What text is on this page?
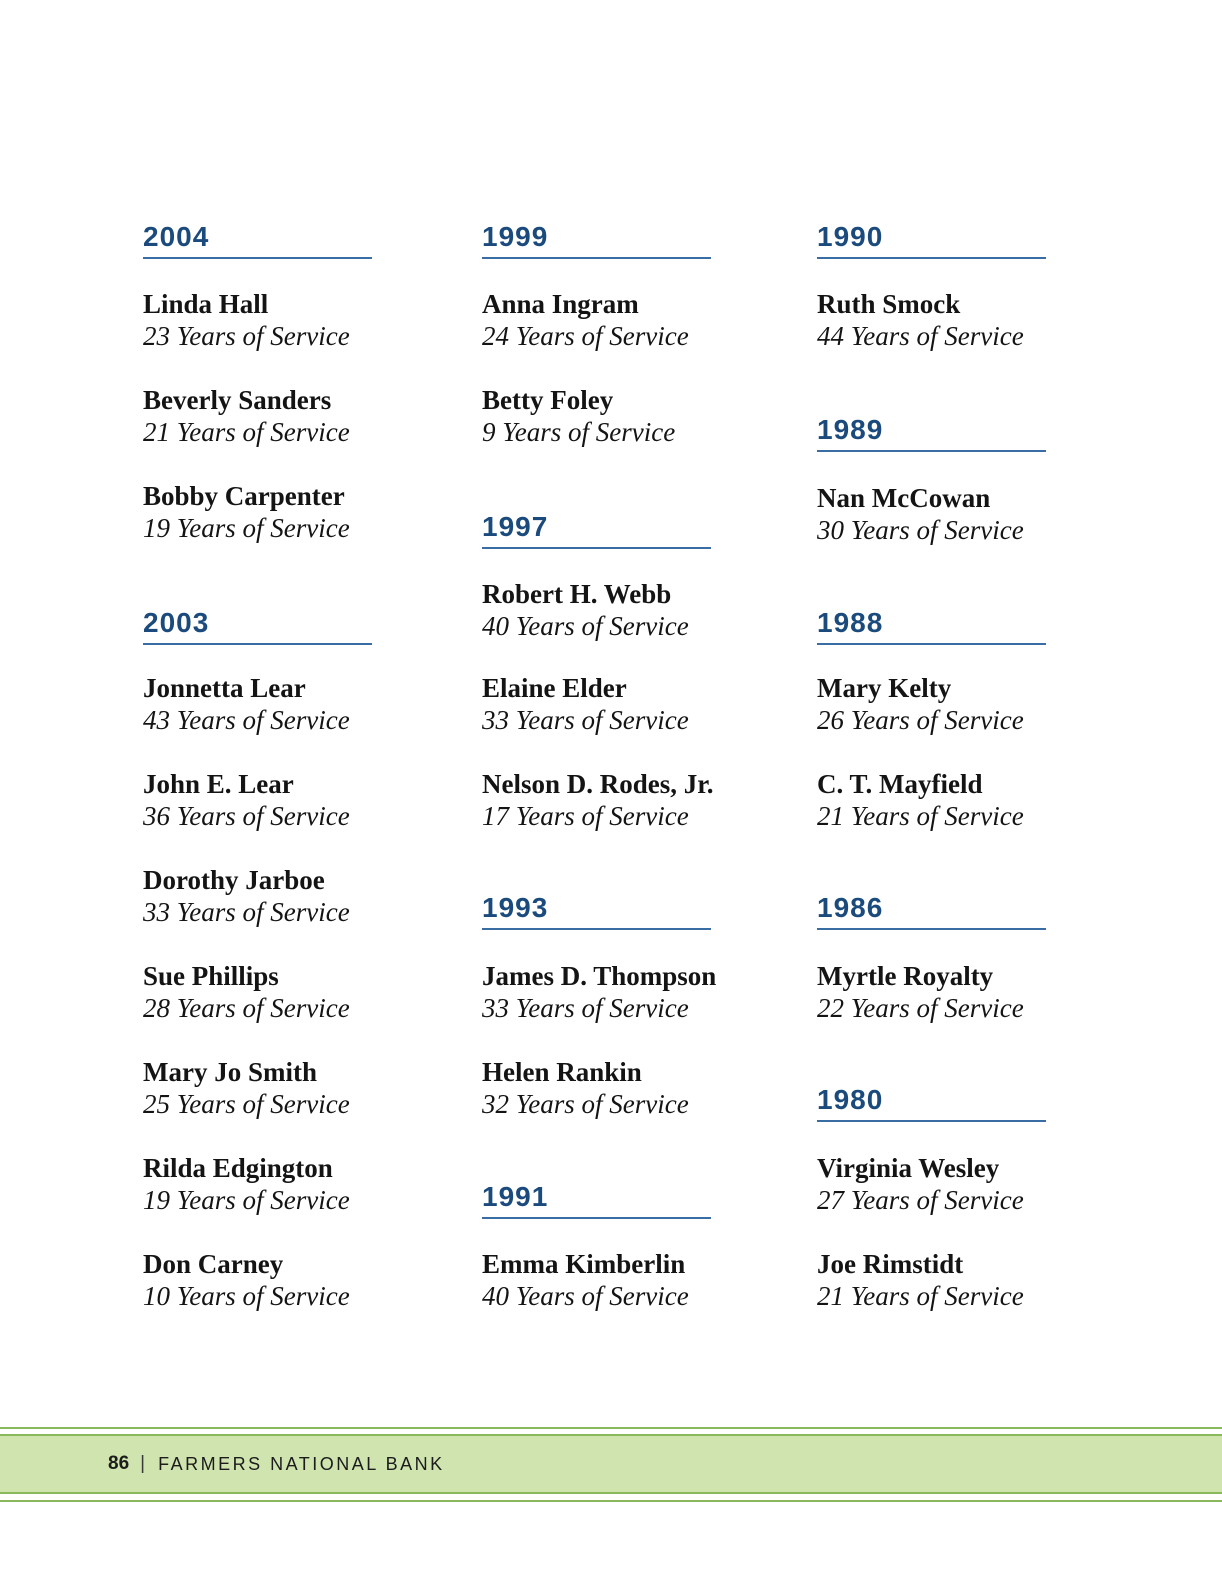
2004
Linda Hall
23 Years of Service
Beverly Sanders
21 Years of Service
Bobby Carpenter
19 Years of Service
2003
Jonnetta Lear
43 Years of Service
John E. Lear
36 Years of Service
Dorothy Jarboe
33 Years of Service
Sue Phillips
28 Years of Service
Mary Jo Smith
25 Years of Service
Rilda Edgington
19 Years of Service
Don Carney
10 Years of Service
1999
Anna Ingram
24 Years of Service
Betty Foley
9 Years of Service
1997
Robert H. Webb
40 Years of Service
Elaine Elder
33 Years of Service
Nelson D. Rodes, Jr.
17 Years of Service
1993
James D. Thompson
33 Years of Service
Helen Rankin
32 Years of Service
1991
Emma Kimberlin
40 Years of Service
1990
Ruth Smock
44 Years of Service
1989
Nan McCowan
30 Years of Service
1988
Mary Kelty
26 Years of Service
C. T. Mayfield
21 Years of Service
1986
Myrtle Royalty
22 Years of Service
1980
Virginia Wesley
27 Years of Service
Joe Rimstidt
21 Years of Service
86 | FARMERS NATIONAL BANK
